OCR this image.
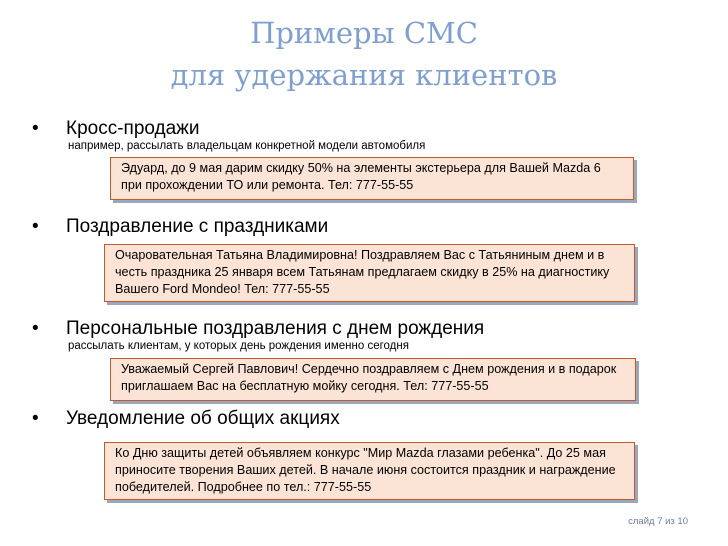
Примеры СМС
для удержания клиентов
• Кросс-продажи
например, рассылать владельцам конкретной модели автомобиля
Эдуард, до 9 мая дарим скидку 50% на элементы экстерьера для Вашей Mazda 6 при прохождении ТО или ремонта. Тел: 777-55-55
• Поздравление с праздниками
Очаровательная Татьяна Владимировна! Поздравляем Вас с Татьяниным днем и в честь праздника 25 января всем Татьянам предлагаем скидку в 25% на диагностику Вашего Ford Mondeo! Тел: 777-55-55
• Персональные поздравления с днем рождения
рассылать клиентам, у которых день рождения именно сегодня
Уважаемый Сергей Павлович! Сердечно поздравляем с Днем рождения и в подарок приглашаем Вас на бесплатную мойку сегодня. Тел: 777-55-55
• Уведомление об общих акциях
Ко Дню защиты детей объявляем конкурс "Мир Mazda глазами ребенка". До 25 мая приносите творения Ваших детей. В начале июня состоится праздник и награждение победителей. Подробнее по тел.: 777-55-55
слайд 7 из 10
